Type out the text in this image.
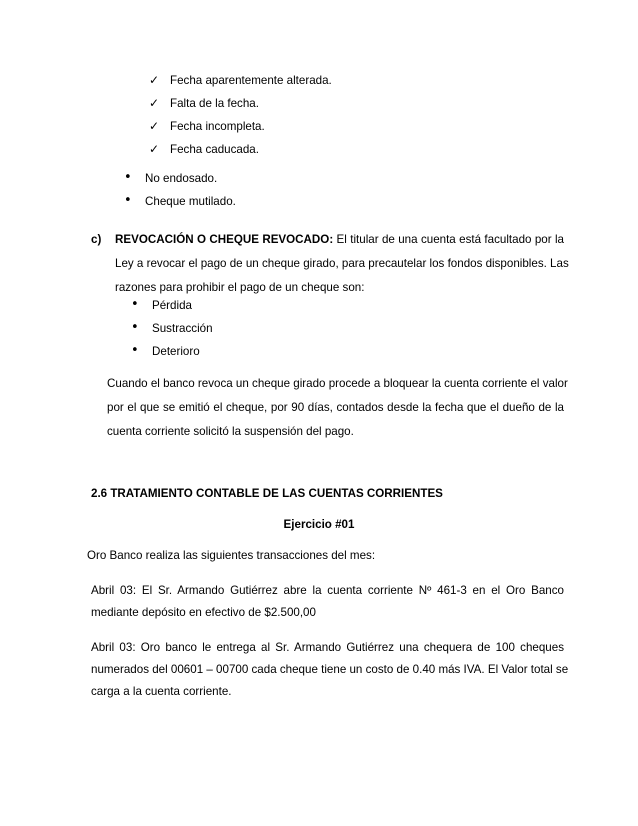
✓ Fecha aparentemente alterada.
✓ Falta de la fecha.
✓ Fecha incompleta.
✓ Fecha caducada.
• No endosado.
• Cheque mutilado.
c) REVOCACIÓN O CHEQUE REVOCADO: El titular de una cuenta está facultado por la
Ley a revocar el pago de un cheque girado, para precautelar los fondos disponibles. Las
razones para prohibir el pago de un cheque son:
• Pérdida
• Sustracción
• Deterioro
Cuando el banco revoca un cheque girado procede a bloquear la cuenta corriente el valor
por el que se emitió el cheque, por 90 días, contados desde la fecha que el dueño de la
cuenta corriente solicitó la suspensión del pago.
2.6 TRATAMIENTO CONTABLE DE LAS CUENTAS CORRIENTES
Ejercicio #01
Oro Banco realiza las siguientes transacciones del mes:
Abril 03: El Sr. Armando Gutiérrez abre la cuenta corriente Nº 461-3 en el Oro Banco
mediante depósito en efectivo de $2.500,00
Abril 03: Oro banco le entrega al Sr. Armando Gutiérrez una chequera de 100 cheques
numerados del 00601 – 00700 cada cheque tiene un costo de 0.40 más IVA. El Valor total se
carga a la cuenta corriente.
